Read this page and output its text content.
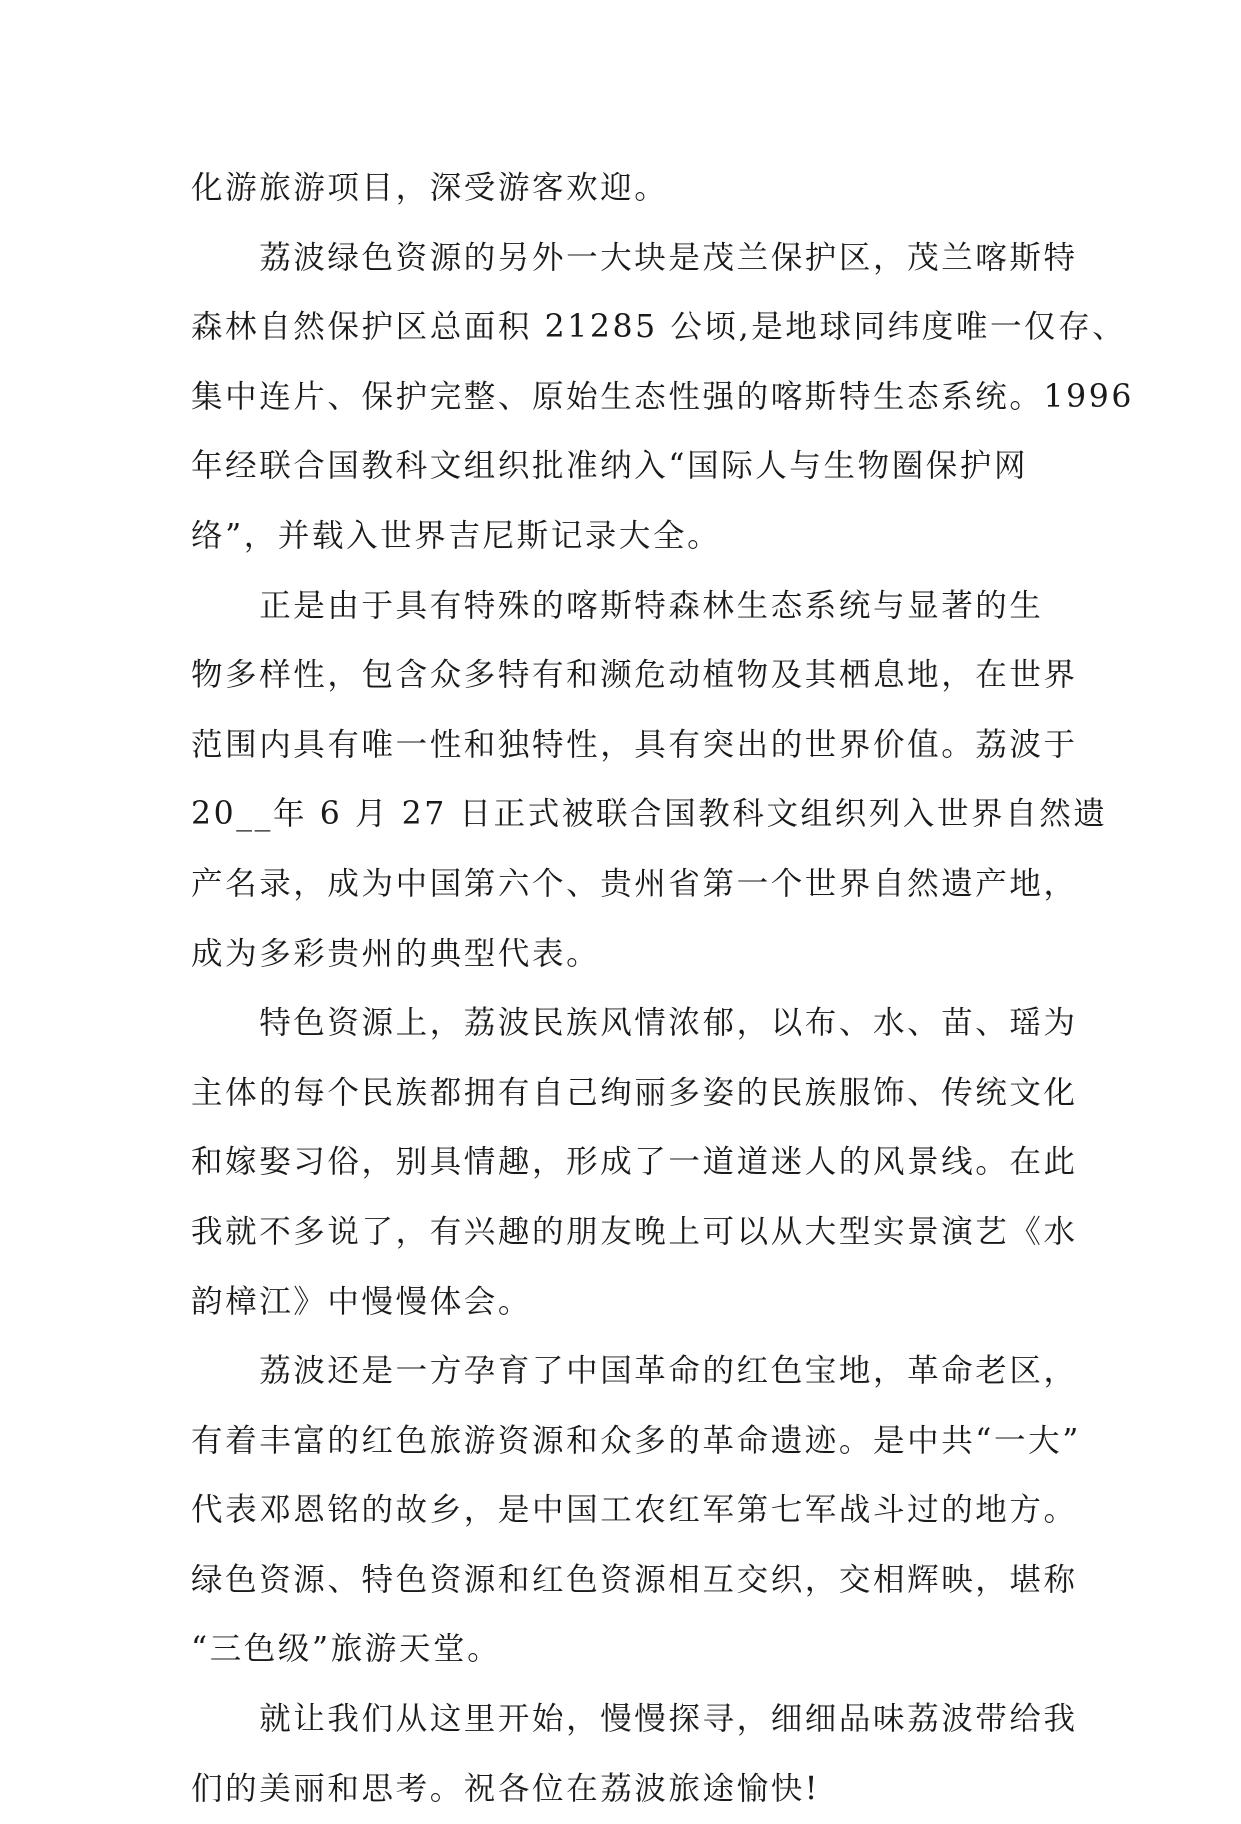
化游旅游项目，深受游客欢迎。
　　荔波绿色资源的另外一大块是茂兰保护区，茂兰喀斯特
森林自然保护区总面积 21285 公顷,是地球同纬度唯一仅存、
集中连片、保护完整、原始生态性强的喀斯特生态系统。1996
年经联合国教科文组织批准纳入“国际人与生物圈保护网
络”，并载入世界吉尼斯记录大全。
　　正是由于具有特殊的喀斯特森林生态系统与显著的生
物多样性，包含众多特有和濒危动植物及其栖息地，在世界
范围内具有唯一性和独特性，具有突出的世界价值。荔波于
20__年 6 月 27 日正式被联合国教科文组织列入世界自然遗
产名录，成为中国第六个、贵州省第一个世界自然遗产地，
成为多彩贵州的典型代表。
　　特色资源上，荔波民族风情浓郁，以布、水、苗、瑶为
主体的每个民族都拥有自己绚丽多姿的民族服饰、传统文化
和嫁娶习俗，别具情趣，形成了一道道迷人的风景线。在此
我就不多说了，有兴趣的朋友晚上可以从大型实景演艺《水
韵樟江》中慢慢体会。
　　荔波还是一方孕育了中国革命的红色宝地，革命老区，
有着丰富的红色旅游资源和众多的革命遗迹。是中共“一大”
代表邓恩铭的故乡，是中国工农红军第七军战斗过的地方。
绿色资源、特色资源和红色资源相互交织，交相辉映，堪称
“三色级”旅游天堂。
　　就让我们从这里开始，慢慢探寻，细细品味荔波带给我
们的美丽和思考。祝各位在荔波旅途愉快!
